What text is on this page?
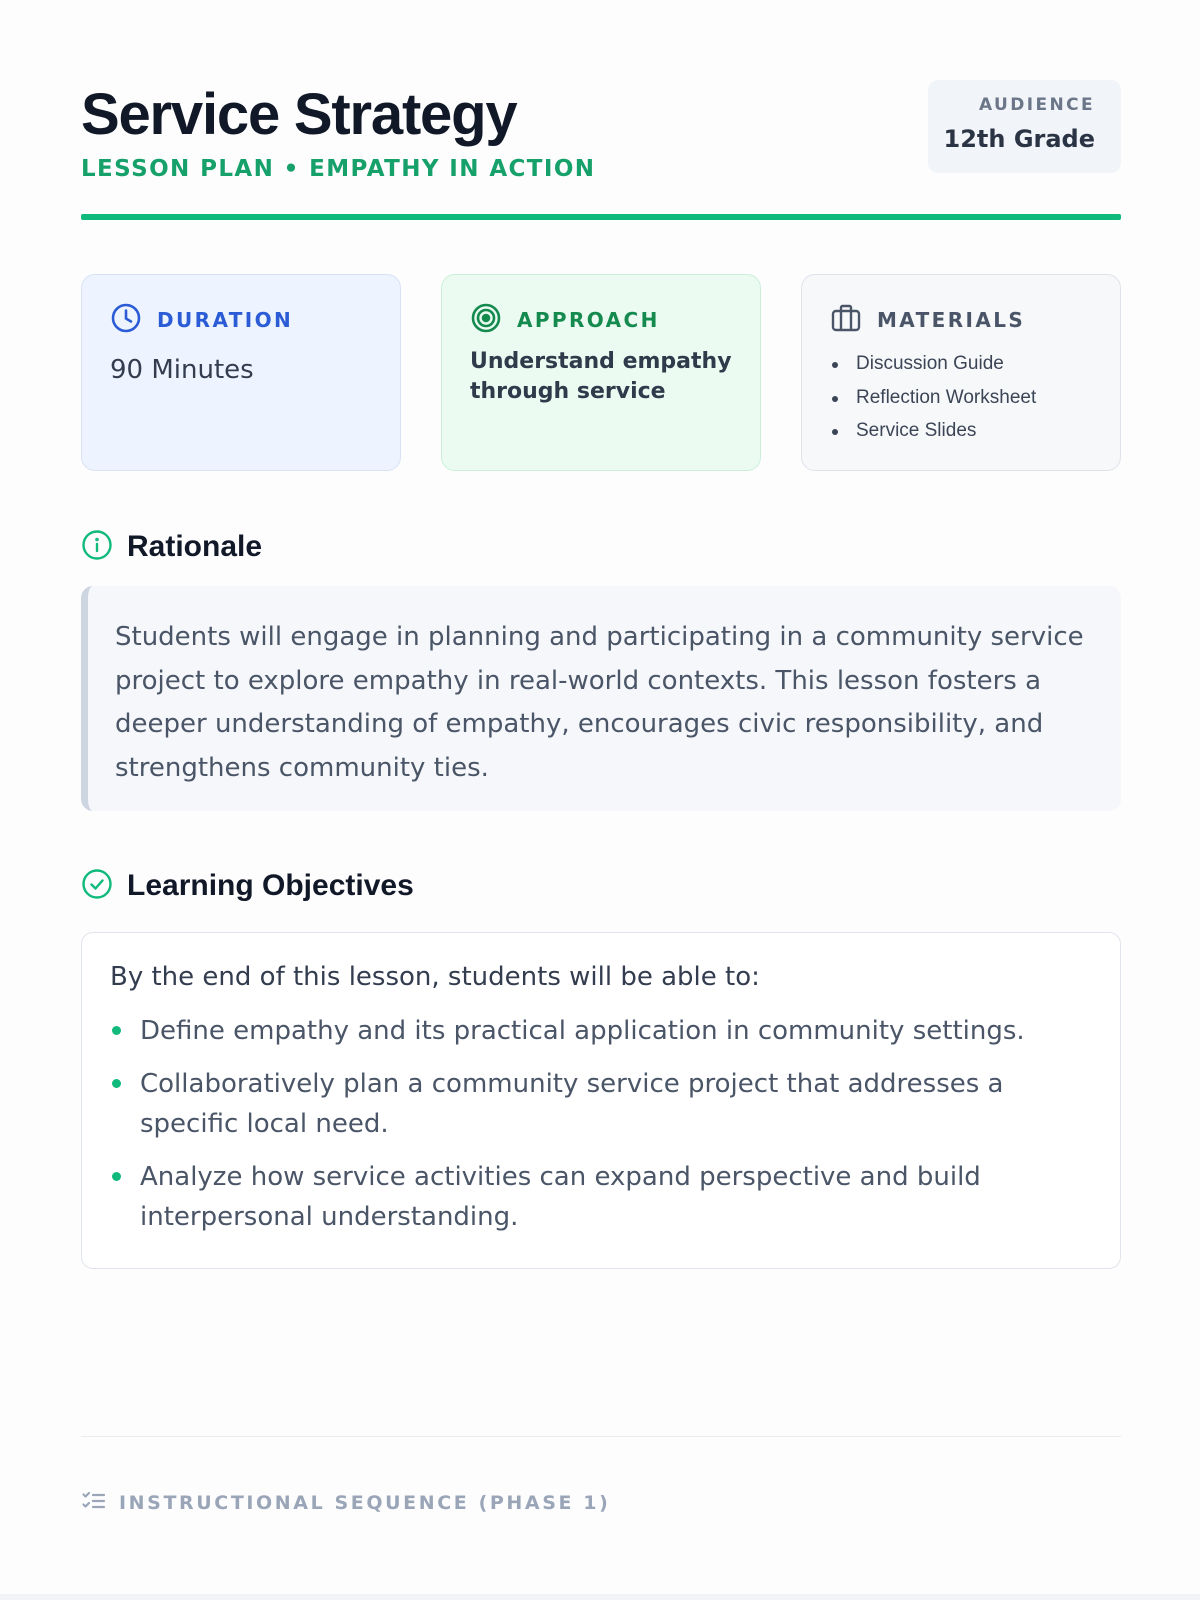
Service Strategy
LESSON PLAN • EMPATHY IN ACTION
AUDIENCE
12th Grade
DURATION
90 Minutes
APPROACH
Understand empathy through service
MATERIALS
Discussion Guide
Reflection Worksheet
Service Slides
Rationale

Students will engage in planning and participating in a community service project to explore empathy in real-world contexts. This lesson fosters a deeper understanding of empathy, encourages civic responsibility, and strengthens community ties.

Learning Objectives

By the end of this lesson, students will be able to:

Define empathy and its practical application in community settings.
Collaboratively plan a community service project that addresses a specific local need.
Analyze how service activities can expand perspective and build interpersonal understanding.
INSTRUCTIONAL SEQUENCE (PHASE 1)
